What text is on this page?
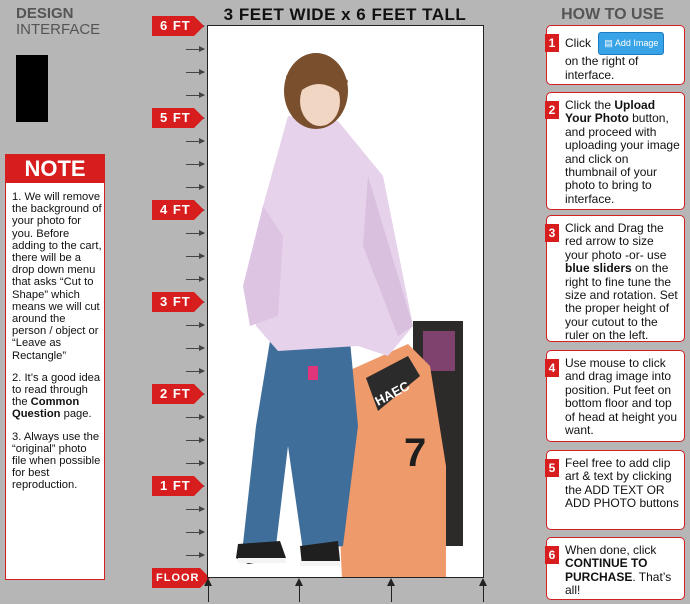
DESIGN
INTERFACE
NOTE

1. We will remove the background of your photo for you. Before adding to the cart, there will be a drop down menu that asks “Cut to Shape” which means we will cut around the person / object or “Leave as Rectangle”

2. It’s a good idea to read through the Common Question page.

3. Always use the “original” photo file when possible for best reproduction.

6 FT
5 FT
4 FT
3 FT
2 FT
1 FT
FLOOR
3 FEET WIDE x 6 FEET TALL
HAEC
7
HOW TO USE
1 Click ▤ Add Image
on the right of interface.
2 Click the Upload Your Photo button, and proceed with uploading your image and click on thumbnail of your photo to bring to interface.
3 Click and Drag the red arrow to size your photo -or- use blue sliders on the right to fine tune the size and rotation. Set the proper height of your cutout to the ruler on the left.
4 Use mouse to click and drag image into position. Put feet on bottom floor and top of head at height you want.
5 Feel free to add clip art & text by clicking the ADD TEXT OR ADD PHOTO buttons
6 When done, click CONTINUE TO PURCHASE. That’s all!
